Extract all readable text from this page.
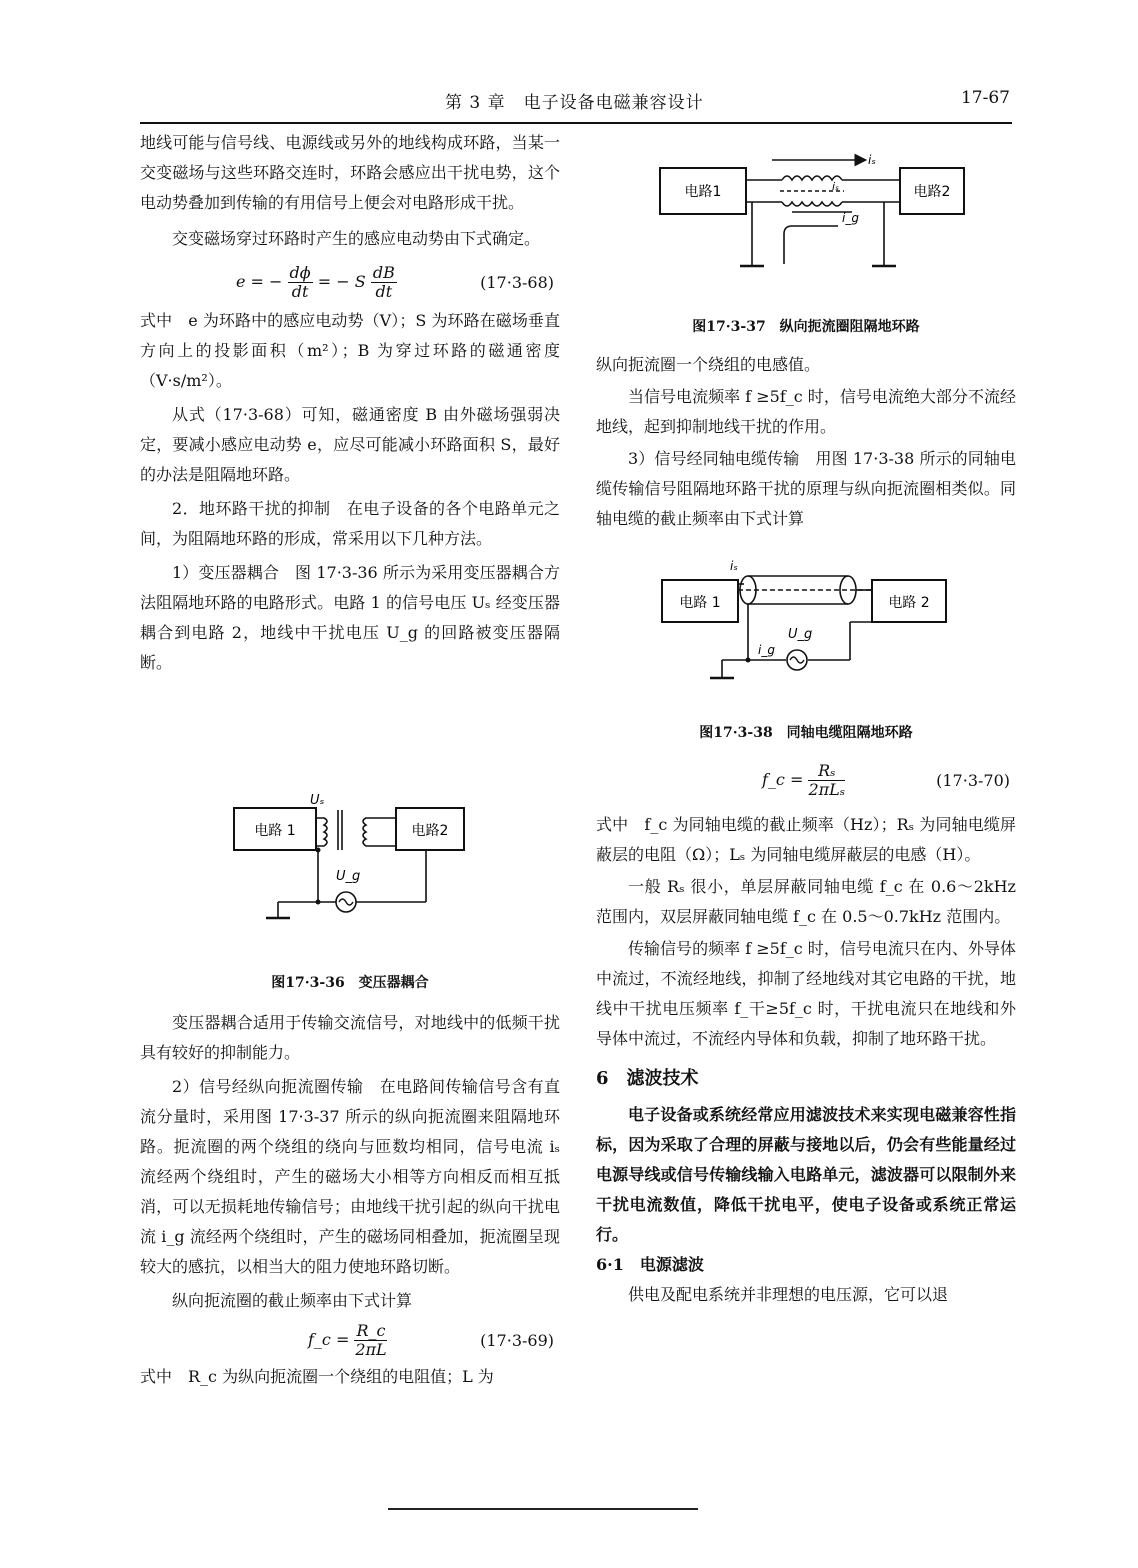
第 3 章　电子设备电磁兼容设计	17-67

地线可能与信号线、电源线或另外的地线构成环路，当某一交变磁场与这些环路交连时，环路会感应出干扰电势，这个电动势叠加到传输的有用信号上便会对电路形成干扰。

交变磁场穿过环路时产生的感应电动势由下式确定。

e = − $\frac{d\phi}{dt}$ = − S $\frac{dB}{dt}$	(17·3-68)

式中　e 为环路中的感应电动势（V）；S 为环路在磁场垂直方向上的投影面积（m²）；B 为穿过环路的磁通密度（V·s/m²）。

从式（17·3-68）可知，磁通密度 B 由外磁场强弱决定，要减小感应电动势 e，应尽可能减小环路面积 S，最好的办法是阻隔地环路。

2．地环路干扰的抑制　在电子设备的各个电路单元之间，为阻隔地环路的形成，常采用以下几种方法。

1）变压器耦合　图 17·3-36 所示为采用变压器耦合方法阻隔地环路的电路形式。电路 1 的信号电压 Uₛ 经变压器耦合到电路 2，地线中干扰电压 U_g 的回路被变压器隔断。

电路 1	电路2
Uₛ
U_g
图17·3-36　变压器耦合

变压器耦合适用于传输交流信号，对地线中的低频干扰具有较好的抑制能力。

2）信号经纵向扼流圈传输　在电路间传输信号含有直流分量时，采用图 17·3-37 所示的纵向扼流圈来阻隔地环路。扼流圈的两个绕组的绕向与匝数均相同，信号电流 iₛ 流经两个绕组时，产生的磁场大小相等方向相反而相互抵消，可以无损耗地传输信号；由地线干扰引起的纵向干扰电流 i_g 流经两个绕组时，产生的磁场同相叠加，扼流圈呈现较大的感抗，以相当大的阻力使地环路切断。

纵向扼流圈的截止频率由下式计算

f_c = $\frac{R\_c}{2\pi L}$	(17·3-69)

式中　R_c 为纵向扼流圈一个绕组的电阻值；L 为

电路1	电路2
iₛ
iₛ
i_g
图17·3-37　纵向扼流圈阻隔地环路

纵向扼流圈一个绕组的电感值。

当信号电流频率 f ≥5f_c 时，信号电流绝大部分不流经地线，起到抑制地线干扰的作用。

3）信号经同轴电缆传输　用图 17·3-38 所示的同轴电缆传输信号阻隔地环路干扰的原理与纵向扼流圈相类似。同轴电缆的截止频率由下式计算

电路 1	电路 2
iₛ
i_g
U_g
图17·3-38　同轴电缆阻隔地环路
f_c = $\frac{\text{Rₛ}}{\text{2πLₛ}}$	(17·3-70)

式中　f_c 为同轴电缆的截止频率（Hz）；Rₛ 为同轴电缆屏蔽层的电阻（Ω）；Lₛ 为同轴电缆屏蔽层的电感（H）。

一般 Rₛ 很小，单层屏蔽同轴电缆 f_c 在 0.6～2kHz 范围内，双层屏蔽同轴电缆 f_c 在 0.5～0.7kHz 范围内。

传输信号的频率 f ≥5f_c 时，信号电流只在内、外导体中流过，不流经地线，抑制了经地线对其它电路的干扰，地线中干扰电压频率 f_干≥5f_c 时，干扰电流只在地线和外导体中流过，不流经内导体和负载，抑制了地环路干扰。

6　滤波技术

电子设备或系统经常应用滤波技术来实现电磁兼容性指标，因为采取了合理的屏蔽与接地以后，仍会有些能量经过电源导线或信号传输线输入电路单元，滤波器可以限制外来干扰电流数值，降低干扰电平，使电子设备或系统正常运行。

6·1　电源滤波

供电及配电系统并非理想的电压源，它可以退
